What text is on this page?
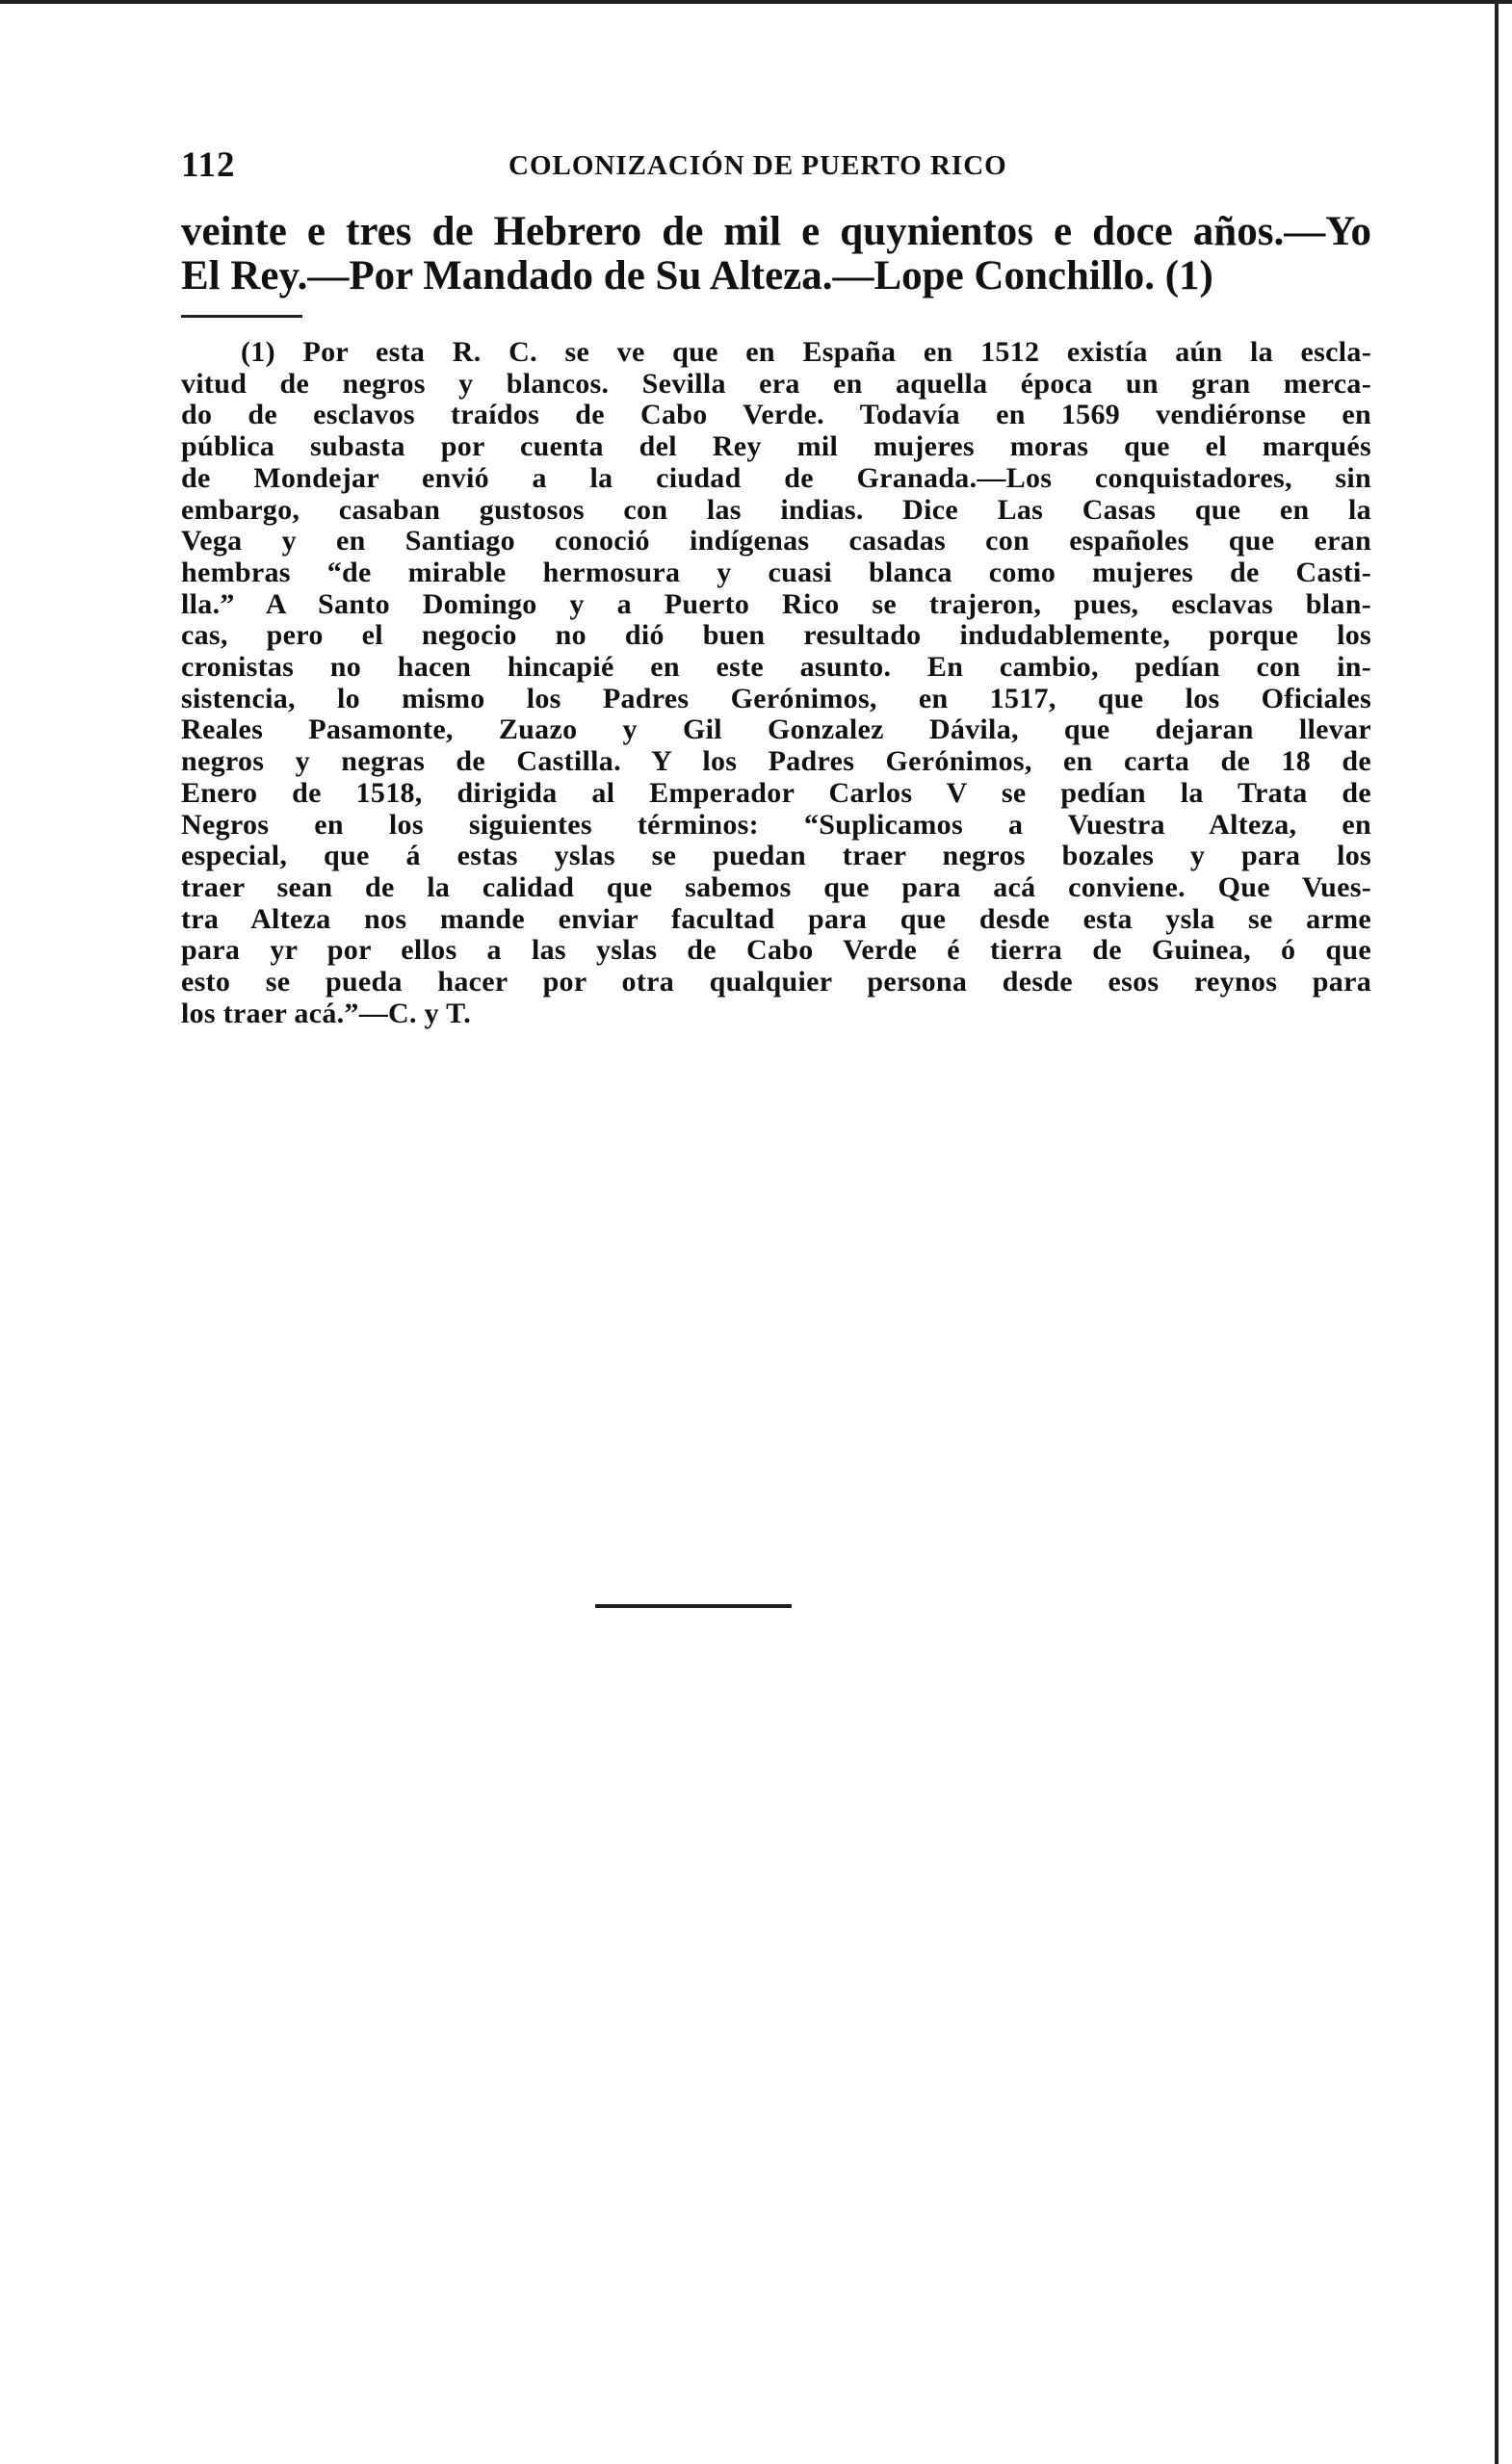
112	COLONIZACIÓN DE PUERTO RICO
veinte e tres de Hebrero de mil e quynientos e doce años.—Yo
El Rey.—Por Mandado de Su Alteza.—Lope Conchillo. (1)
(1) Por esta R. C. se ve que en España en 1512 existía aún la escla-
vitud de negros y blancos. Sevilla era en aquella época un gran merca-
do de esclavos traídos de Cabo Verde. Todavía en 1569 vendiéronse en
pública subasta por cuenta del Rey mil mujeres moras que el marqués
de Mondejar envió a la ciudad de Granada.—Los conquistadores, sin
embargo, casaban gustosos con las indias. Dice Las Casas que en la
Vega y en Santiago conoció indígenas casadas con españoles que eran
hembras “de mirable hermosura y cuasi blanca como mujeres de Casti-
lla.” A Santo Domingo y a Puerto Rico se trajeron, pues, esclavas blan-
cas, pero el negocio no dió buen resultado indudablemente, porque los
cronistas no hacen hincapié en este asunto. En cambio, pedían con in-
sistencia, lo mismo los Padres Gerónimos, en 1517, que los Oficiales
Reales Pasamonte, Zuazo y Gil Gonzalez Dávila, que dejaran llevar
negros y negras de Castilla. Y los Padres Gerónimos, en carta de 18 de
Enero de 1518, dirigida al Emperador Carlos V se pedían la Trata de
Negros en los siguientes términos: “Suplicamos a Vuestra Alteza, en
especial, que á estas yslas se puedan traer negros bozales y para los
traer sean de la calidad que sabemos que para acá conviene. Que Vues-
tra Alteza nos mande enviar facultad para que desde esta ysla se arme
para yr por ellos a las yslas de Cabo Verde é tierra de Guinea, ó que
esto se pueda hacer por otra qualquier persona desde esos reynos para
los traer acá.”—C. y T.
